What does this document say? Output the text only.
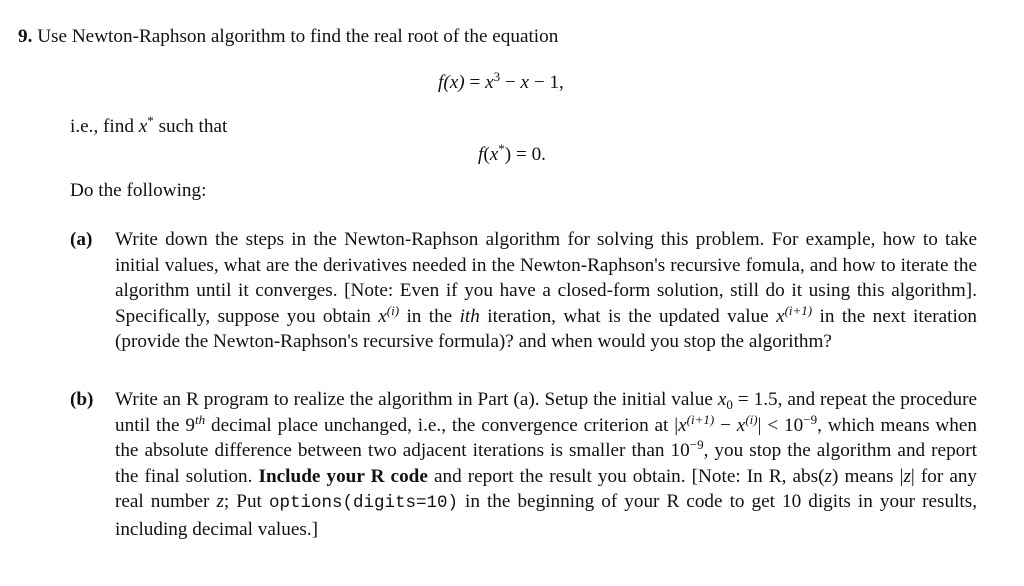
9. Use Newton-Raphson algorithm to find the real root of the equation
$f(x) = x^3 - x - 1$,
i.e., find x* such that
f(x*) = 0.
Do the following:
(a) Write down the steps in the Newton-Raphson algorithm for solving this problem. For example, how to take initial values, what are the derivatives needed in the Newton-Raphson's recursive fomula, and how to iterate the algorithm until it converges. [Note: Even if you have a closed-form solution, still do it using this algorithm]. Specifically, suppose you obtain $x^{(i)}$ in the ith iteration, what is the updated value $x^{(i+1)}$ in the next iteration (provide the Newton-Raphson's recursive formula)? and when would you stop the algorithm?
(b) Write an R program to realize the algorithm in Part (a). Setup the initial value $x_0 = 1.5$, and repeat the procedure until the 9th decimal place unchanged, i.e., the convergence criterion at $|x^{(i+1)} - x^{(i)}| < 10^{-9}$, which means when the absolute difference between two adjacent iterations is smaller than $10^{-9}$, you stop the algorithm and report the final solution. Include your R code and report the result you obtain. [Note: In R, abs(z) means |z| for any real number z; Put options(digits=10) in the beginning of your R code to get 10 digits in your results, including decimal values.]
